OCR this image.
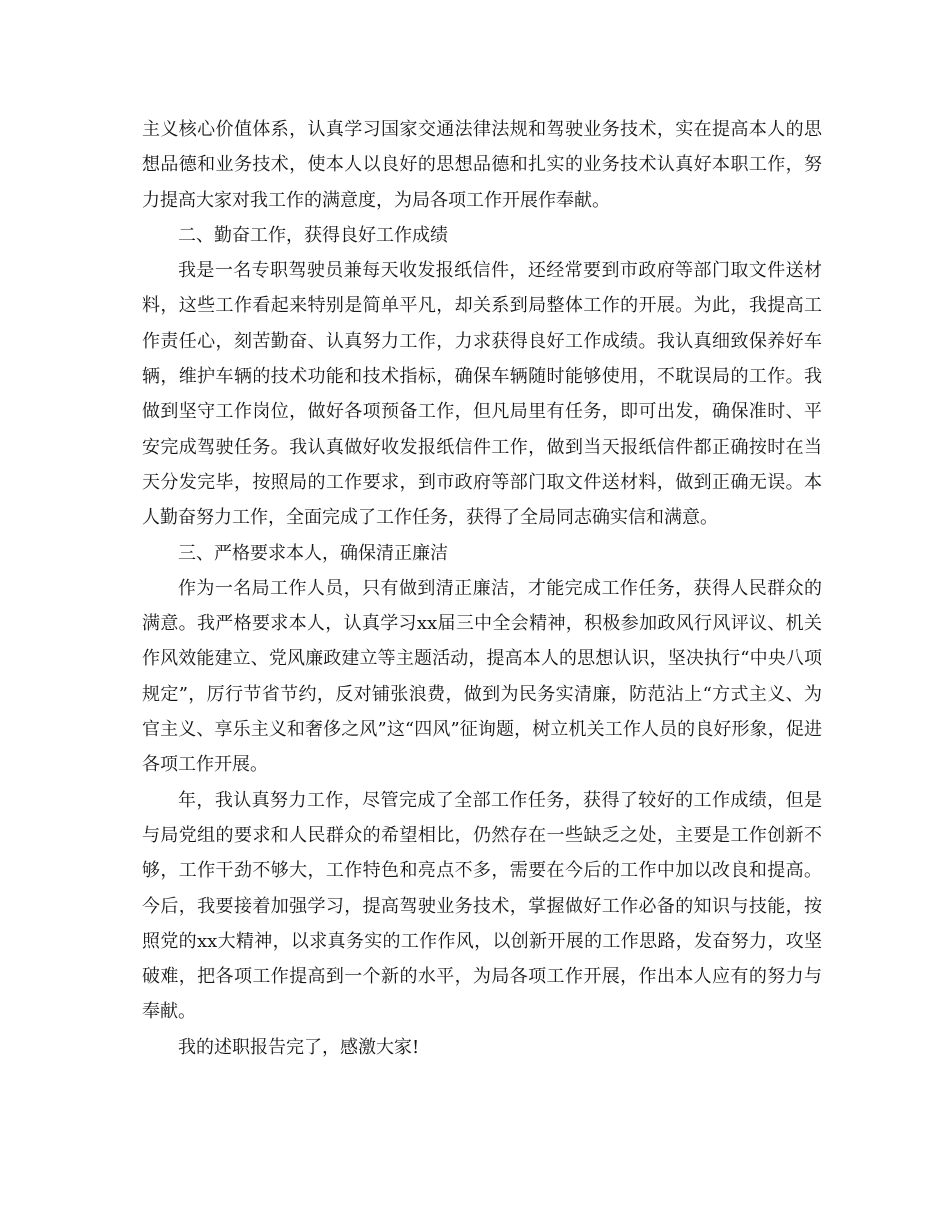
主义核心价值体系，认真学习国家交通法律法规和驾驶业务技术，实在提高本人的思想品德和业务技术，使本人以良好的思想品德和扎实的业务技术认真好本职工作，努力提高大家对我工作的满意度，为局各项工作开展作奉献。

二、勤奋工作，获得良好工作成绩

我是一名专职驾驶员兼每天收发报纸信件，还经常要到市政府等部门取文件送材料，这些工作看起来特别是简单平凡，却关系到局整体工作的开展。为此，我提高工作责任心，刻苦勤奋、认真努力工作，力求获得良好工作成绩。我认真细致保养好车辆，维护车辆的技术功能和技术指标，确保车辆随时能够使用，不耽误局的工作。我做到坚守工作岗位，做好各项预备工作，但凡局里有任务，即可出发，确保准时、平安完成驾驶任务。我认真做好收发报纸信件工作，做到当天报纸信件都正确按时在当天分发完毕，按照局的工作要求，到市政府等部门取文件送材料，做到正确无误。本人勤奋努力工作，全面完成了工作任务，获得了全局同志确实信和满意。

三、严格要求本人，确保清正廉洁

作为一名局工作人员，只有做到清正廉洁，才能完成工作任务，获得人民群众的满意。我严格要求本人，认真学习xx届三中全会精神，积极参加政风行风评议、机关作风效能建立、党风廉政建立等主题活动，提高本人的思想认识，坚决执行“中央八项规定”，厉行节省节约，反对铺张浪费，做到为民务实清廉，防范沾上“方式主义、为官主义、享乐主义和奢侈之风”这“四风”征询题，树立机关工作人员的良好形象，促进各项工作开展。

年，我认真努力工作，尽管完成了全部工作任务，获得了较好的工作成绩，但是与局党组的要求和人民群众的希望相比，仍然存在一些缺乏之处，主要是工作创新不够，工作干劲不够大，工作特色和亮点不多，需要在今后的工作中加以改良和提高。今后，我要接着加强学习，提高驾驶业务技术，掌握做好工作必备的知识与技能，按照党的xx大精神，以求真务实的工作作风，以创新开展的工作思路，发奋努力，攻坚破难，把各项工作提高到一个新的水平，为局各项工作开展，作出本人应有的努力与奉献。

我的述职报告完了，感激大家!
